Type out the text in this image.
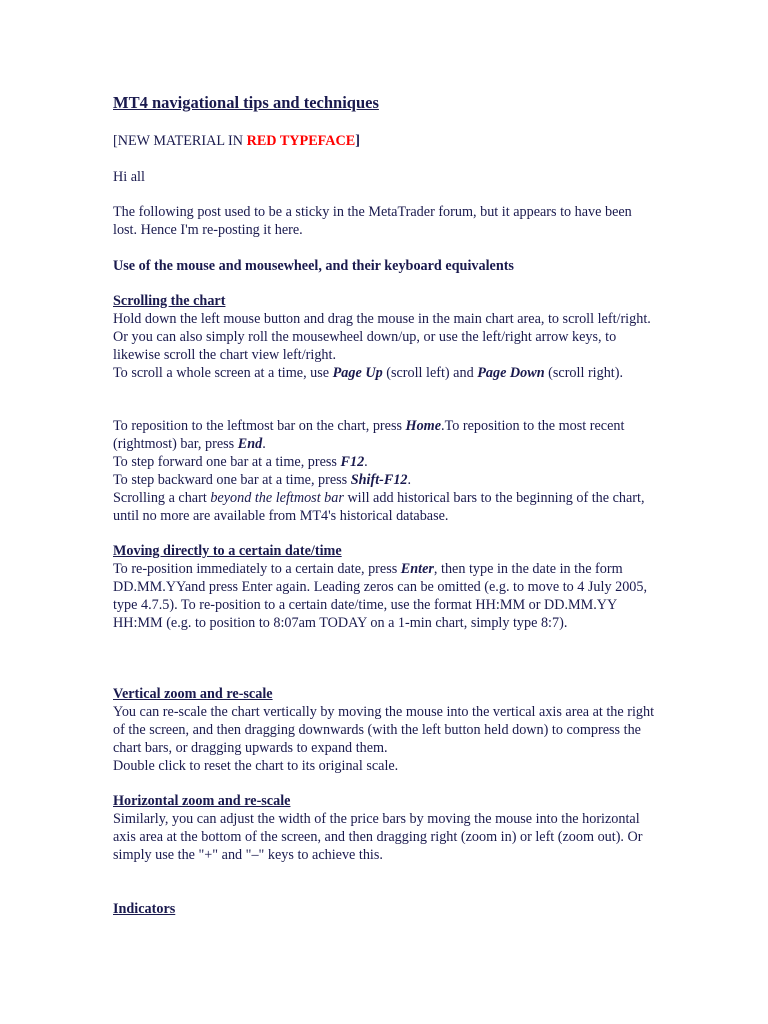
MT4 navigational tips and techniques

[NEW MATERIAL IN RED TYPEFACE]

Hi all

The following post used to be a sticky in the MetaTrader forum, but it appears to have been lost. Hence I'm re-posting it here.

Use of the mouse and mousewheel, and their keyboard equivalents

Scrolling the chart

Hold down the left mouse button and drag the mouse in the main chart area, to scroll left/right.

Or you can also simply roll the mousewheel down/up, or use the left/right arrow keys, to likewise scroll the chart view left/right.

To scroll a whole screen at a time, use Page Up (scroll left) and Page Down (scroll right).

To reposition to the leftmost bar on the chart, press Home.To reposition to the most recent (rightmost) bar, press End.

To step forward one bar at a time, press F12.

To step backward one bar at a time, press Shift-F12.

Scrolling a chart beyond the leftmost bar will add historical bars to the beginning of the chart, until no more are available from MT4's historical database.

Moving directly to a certain date/time

To re-position immediately to a certain date, press Enter, then type in the date in the form DD.MM.YYand press Enter again. Leading zeros can be omitted (e.g. to move to 4 July 2005, type 4.7.5). To re-position to a certain date/time, use the format HH:MM or DD.MM.YY HH:MM (e.g. to position to 8:07am TODAY on a 1-min chart, simply type 8:7).

Vertical zoom and re-scale

You can re-scale the chart vertically by moving the mouse into the vertical axis area at the right of the screen, and then dragging downwards (with the left button held down) to compress the chart bars, or dragging upwards to expand them.

Double click to reset the chart to its original scale.

Horizontal zoom and re-scale

Similarly, you can adjust the width of the price bars by moving the mouse into the horizontal axis area at the bottom of the screen, and then dragging right (zoom in) or left (zoom out). Or simply use the "+" and "–" keys to achieve this.

Indicators
